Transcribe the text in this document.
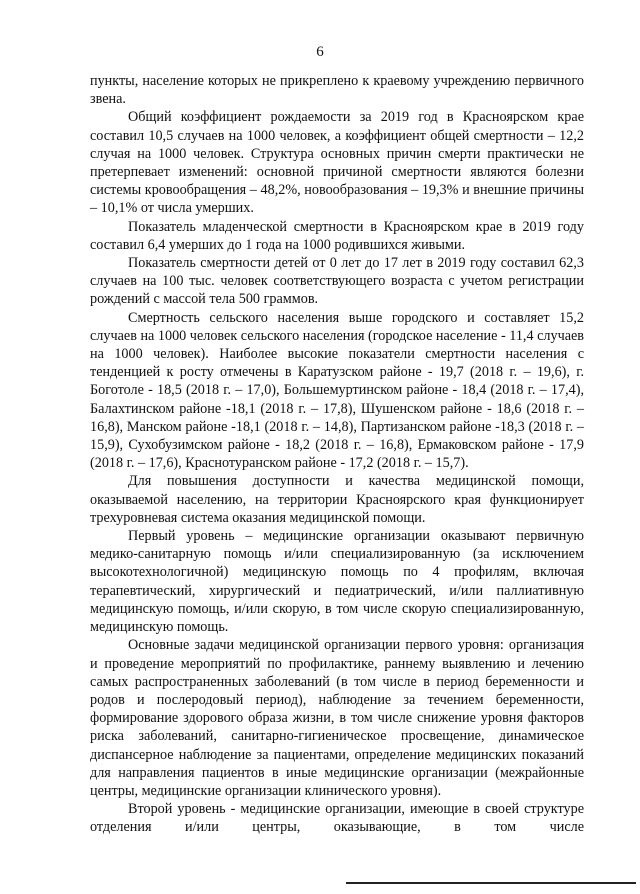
6

пункты, население которых не прикреплено к краевому учреждению первичного звена.

Общий коэффициент рождаемости за 2019 год в Красноярском крае составил 10,5 случаев на 1000 человек, а коэффициент общей смертности – 12,2 случая на 1000 человек. Структура основных причин смерти практически не претерпевает изменений: основной причиной смертности являются болезни системы кровообращения – 48,2%, новообразования – 19,3% и внешние причины – 10,1% от числа умерших.

Показатель младенческой смертности в Красноярском крае в 2019 году составил 6,4 умерших до 1 года на 1000 родившихся живыми.

Показатель смертности детей от 0 лет до 17 лет в 2019 году составил 62,3 случаев на 100 тыс. человек соответствующего возраста с учетом регистрации рождений с массой тела 500 граммов.

Смертность сельского населения выше городского и составляет 15,2 случаев на 1000 человек сельского населения (городское население - 11,4 случаев на 1000 человек). Наиболее высокие показатели смертности населения с тенденцией к росту отмечены в Каратузском районе - 19,7 (2018 г. – 19,6), г. Боготоле - 18,5 (2018 г. – 17,0), Большемуртинском районе - 18,4 (2018 г. – 17,4), Балахтинском районе -18,1 (2018 г. – 17,8), Шушенском районе - 18,6 (2018 г. – 16,8), Манском районе -18,1 (2018 г. – 14,8), Партизанском районе -18,3 (2018 г. – 15,9), Сухобузимском районе - 18,2 (2018 г. – 16,8), Ермаковском районе - 17,9 (2018 г. – 17,6), Краснотуранском районе - 17,2 (2018 г. – 15,7).

Для повышения доступности и качества медицинской помощи, оказываемой населению, на территории Красноярского края функционирует трехуровневая система оказания медицинской помощи.

Первый уровень – медицинские организации оказывают первичную медико-санитарную помощь и/или специализированную (за исключением высокотехнологичной) медицинскую помощь по 4 профилям, включая терапевтический, хирургический и педиатрический, и/или паллиативную медицинскую помощь, и/или скорую, в том числе скорую специализированную, медицинскую помощь.

Основные задачи медицинской организации первого уровня: организация и проведение мероприятий по профилактике, раннему выявлению и лечению самых распространенных заболеваний (в том числе в период беременности и родов и послеродовый период), наблюдение за течением беременности, формирование здорового образа жизни, в том числе снижение уровня факторов риска заболеваний, санитарно-гигиеническое просвещение, динамическое диспансерное наблюдение за пациентами, определение медицинских показаний для направления пациентов в иные медицинские организации (межрайонные центры, медицинские организации клинического уровня).

Второй уровень - медицинские организации, имеющие в своей структуре отделения и/или центры, оказывающие, в том числе
